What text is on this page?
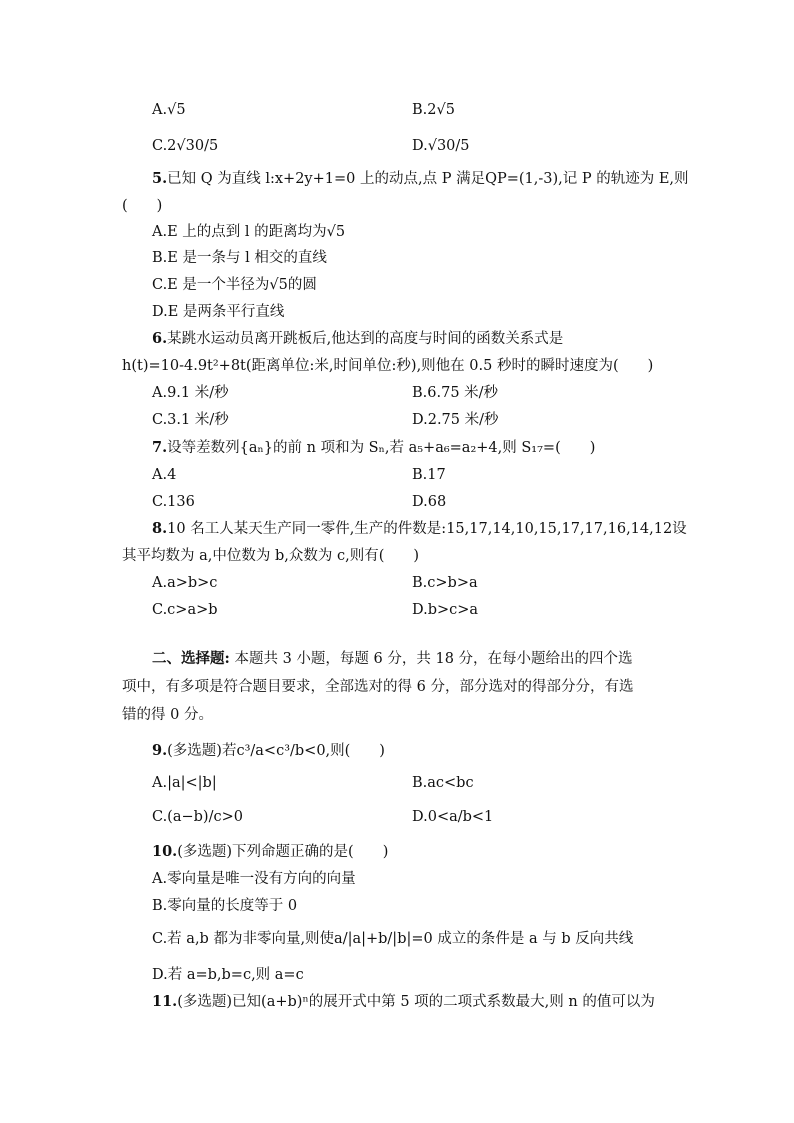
A.√5	B.2√5
C.2√30/5	D.√30/5
5.已知 Q 为直线 l:x+2y+1=0 上的动点,点 P 满足QP=(1,-3),记 P 的轨迹为 E,则
(　　)
A.E 上的点到 l 的距离均为√5
B.E 是一条与 l 相交的直线
C.E 是一个半径为√5的圆
D.E 是两条平行直线
6.某跳水运动员离开跳板后,他达到的高度与时间的函数关系式是
h(t)=10-4.9t²+8t(距离单位:米,时间单位:秒),则他在 0.5 秒时的瞬时速度为(　　)
A.9.1 米/秒	B.6.75 米/秒
C.3.1 米/秒	D.2.75 米/秒
7.设等差数列{aₙ}的前 n 项和为 Sₙ,若 a₅+a₆=a₂+4,则 S₁₇=(　　)
A.4	B.17
C.136	D.68
8.10 名工人某天生产同一零件,生产的件数是:15,17,14,10,15,17,17,16,14,12设
其平均数为 a,中位数为 b,众数为 c,则有(　　)
A.a>b>c	B.c>b>a
C.c>a>b	D.b>c>a
二、选择题: 本题共 3 小题，每题 6 分，共 18 分，在每小题给出的四个选
项中，有多项是符合题目要求，全部选对的得 6 分，部分选对的得部分分，有选
错的得 0 分。
9.(多选题)若c³/a<c³/b<0,则(　　)
A.|a|<|b|	B.ac<bc
C.(a−b)/c>0	D.0<a/b<1
10.(多选题)下列命题正确的是(　　)
A.零向量是唯一没有方向的向量
B.零向量的长度等于 0
C.若 a,b 都为非零向量,则使a/|a|+b/|b|=0 成立的条件是 a 与 b 反向共线
D.若 a=b,b=c,则 a=c
11.(多选题)已知(a+b)ⁿ的展开式中第 5 项的二项式系数最大,则 n 的值可以为
